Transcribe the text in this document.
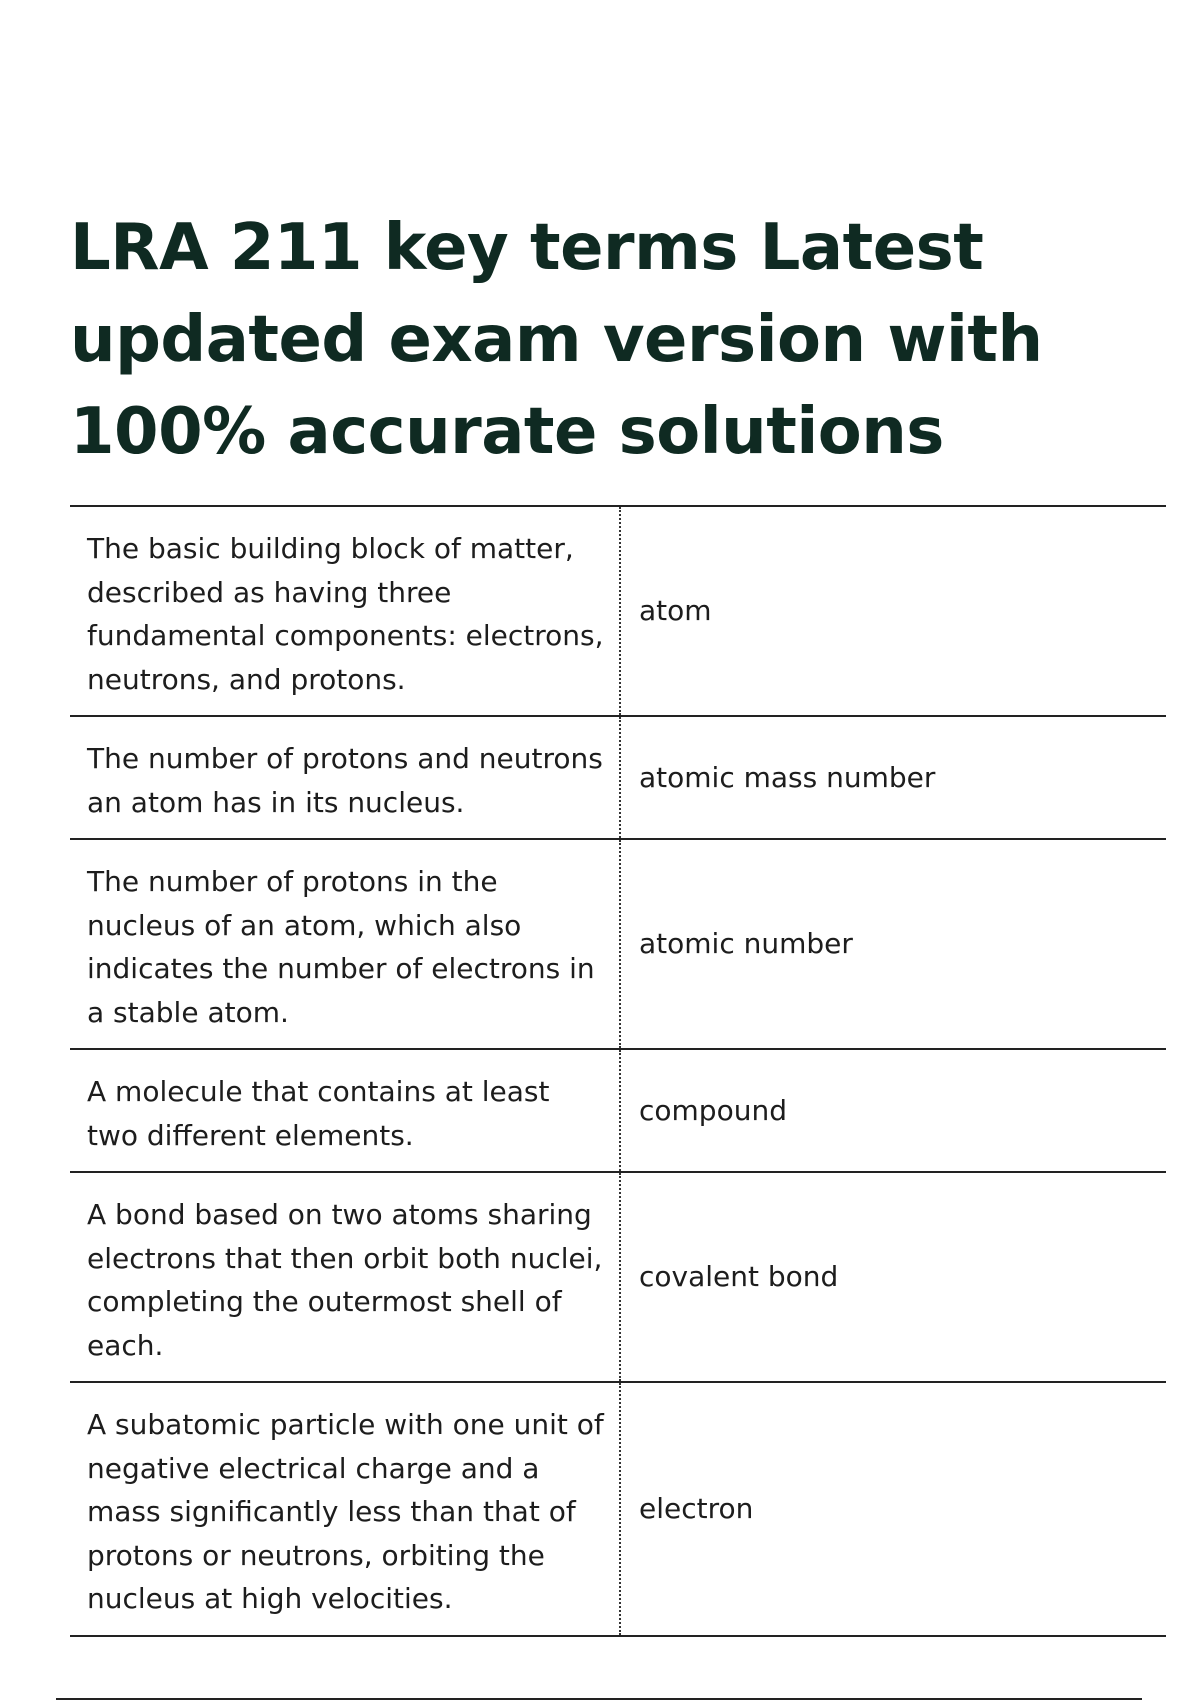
LRA 211 key terms Latest updated exam version with 100% accurate solutions
The basic building block of matter, described as having three fundamental components: electrons, neutrons, and protons.	atom
The number of protons and neutrons an atom has in its nucleus.	atomic mass number
The number of protons in the nucleus of an atom, which also indicates the number of electrons in a stable atom.	atomic number
A molecule that contains at least two different elements.	compound
A bond based on two atoms sharing electrons that then orbit both nuclei, completing the outermost shell of each.	covalent bond
A subatomic particle with one unit of negative electrical charge and a mass significantly less than that of protons or neutrons, orbiting the nucleus at high velocities.	electron
